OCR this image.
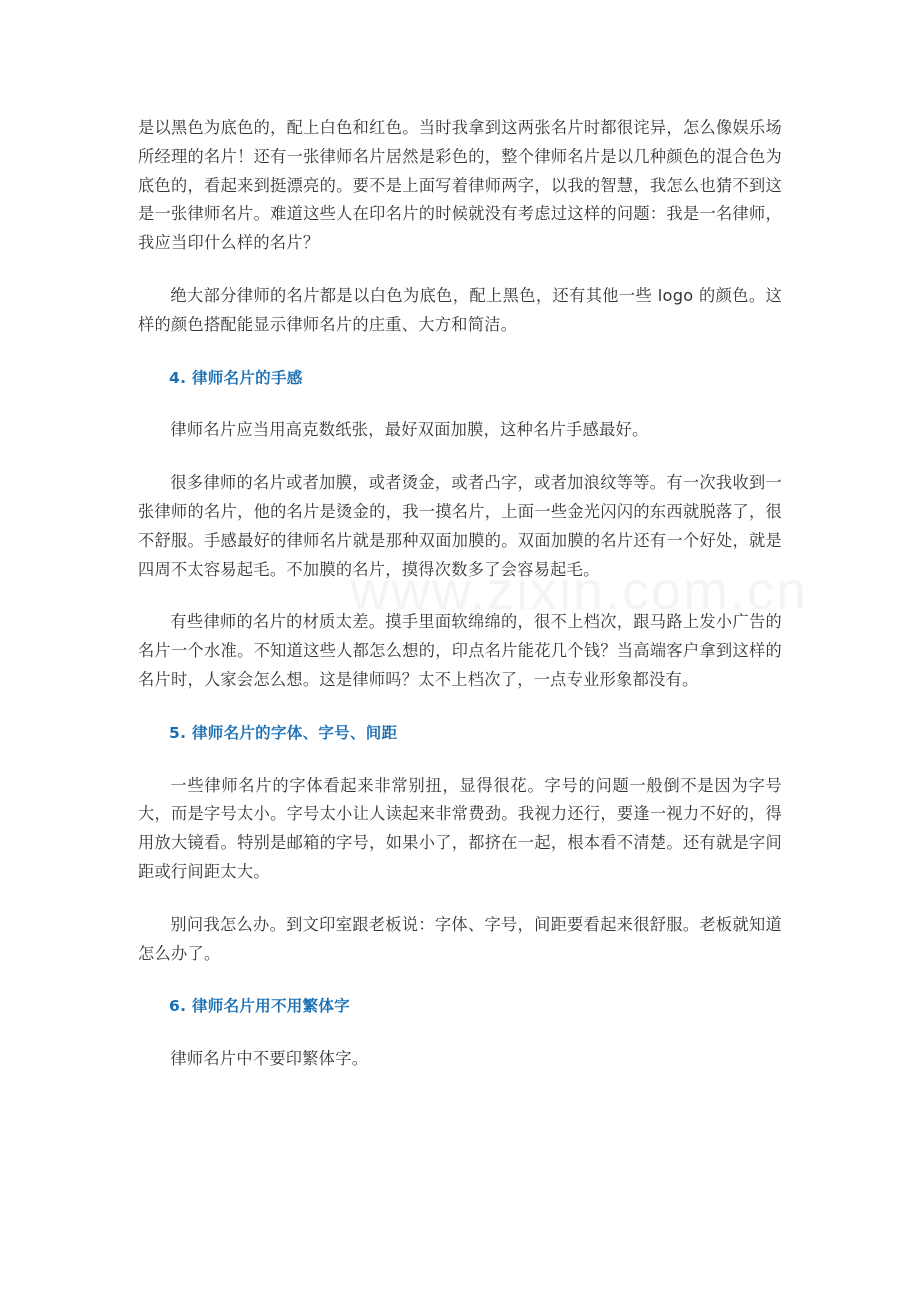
是以黑色为底色的，配上白色和红色。当时我拿到这两张名片时都很诧异，怎么像娱乐场所经理的名片！还有一张律师名片居然是彩色的，整个律师名片是以几种颜色的混合色为底色的，看起来到挺漂亮的。要不是上面写着律师两字，以我的智慧，我怎么也猜不到这是一张律师名片。难道这些人在印名片的时候就没有考虑过这样的问题：我是一名律师，我应当印什么样的名片？

绝大部分律师的名片都是以白色为底色，配上黑色，还有其他一些 logo 的颜色。这样的颜色搭配能显示律师名片的庄重、大方和简洁。

4. 律师名片的手感

律师名片应当用高克数纸张，最好双面加膜，这种名片手感最好。

很多律师的名片或者加膜，或者烫金，或者凸字，或者加浪纹等等。有一次我收到一张律师的名片，他的名片是烫金的，我一摸名片，上面一些金光闪闪的东西就脱落了，很不舒服。手感最好的律师名片就是那种双面加膜的。双面加膜的名片还有一个好处，就是四周不太容易起毛。不加膜的名片，摸得次数多了会容易起毛。

有些律师的名片的材质太差。摸手里面软绵绵的，很不上档次，跟马路上发小广告的名片一个水准。不知道这些人都怎么想的，印点名片能花几个钱？当高端客户拿到这样的名片时，人家会怎么想。这是律师吗？太不上档次了，一点专业形象都没有。

5. 律师名片的字体、字号、间距

一些律师名片的字体看起来非常别扭，显得很花。字号的问题一般倒不是因为字号大，而是字号太小。字号太小让人读起来非常费劲。我视力还行，要逢一视力不好的，得用放大镜看。特别是邮箱的字号，如果小了，都挤在一起，根本看不清楚。还有就是字间距或行间距太大。

别问我怎么办。到文印室跟老板说：字体、字号，间距要看起来很舒服。老板就知道怎么办了。

6. 律师名片用不用繁体字

律师名片中不要印繁体字。
